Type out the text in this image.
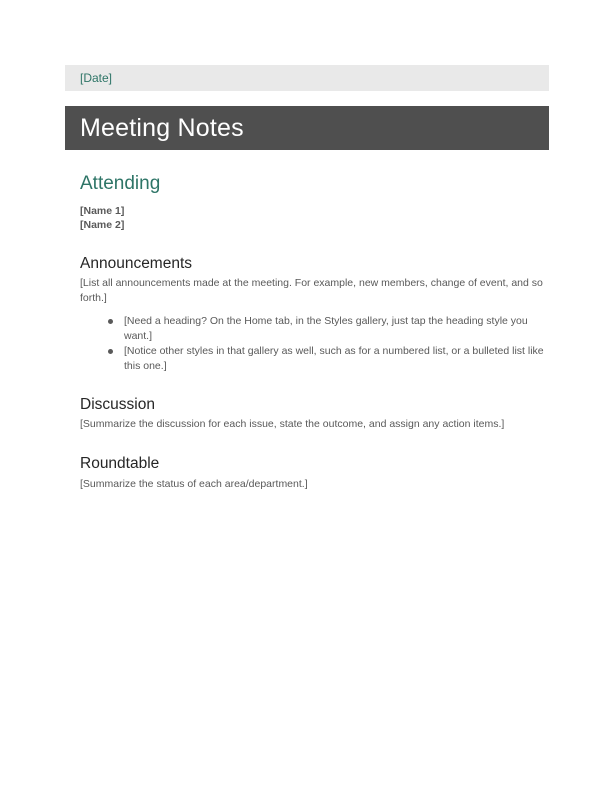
[Date]
Meeting Notes
Attending
[Name 1]
[Name 2]
Announcements

[List all announcements made at the meeting. For example, new members, change of event, and so forth.]

[Need a heading? On the Home tab, in the Styles gallery, just tap the heading style you want.]
[Notice other styles in that gallery as well, such as for a numbered list, or a bulleted list like this one.]
Discussion

[Summarize the discussion for each issue, state the outcome, and assign any action items.]

Roundtable

[Summarize the status of each area/department.]
